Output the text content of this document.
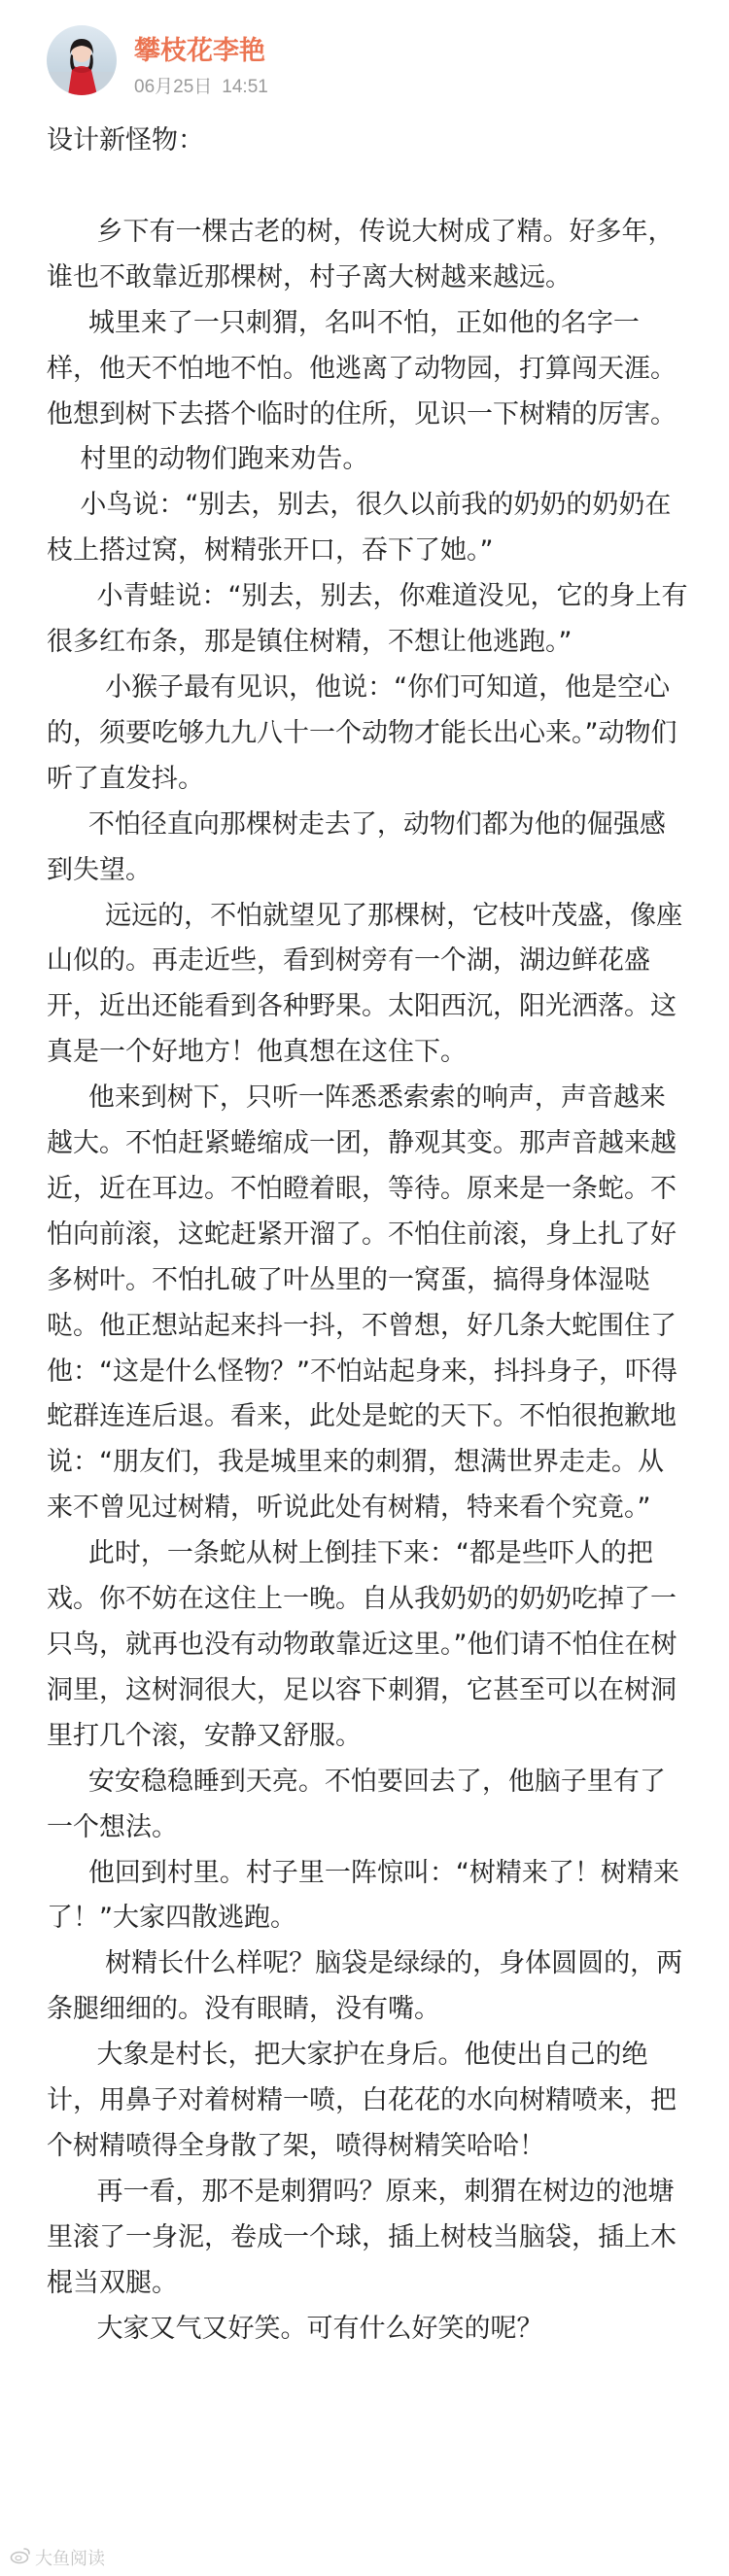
攀枝花李艳
06月25日 14:51

设计新怪物：

乡下有一棵古老的树，传说大树成了精。好多年，谁也不敢靠近那棵树，村子离大树越来越远。

城里来了一只刺猬，名叫不怕，正如他的名字一样，他天不怕地不怕。他逃离了动物园，打算闯天涯。他想到树下去搭个临时的住所，见识一下树精的厉害。

村里的动物们跑来劝告。

小鸟说：“别去，别去，很久以前我的奶奶的奶奶在枝上搭过窝，树精张开口，吞下了她。”

小青蛙说：“别去，别去，你难道没见，它的身上有很多红布条，那是镇住树精，不想让他逃跑。”

小猴子最有见识，他说：“你们可知道，他是空心的，须要吃够九九八十一个动物才能长出心来。”动物们听了直发抖。

不怕径直向那棵树走去了，动物们都为他的倔强感到失望。

远远的，不怕就望见了那棵树，它枝叶茂盛，像座山似的。再走近些，看到树旁有一个湖，湖边鲜花盛开，近出还能看到各种野果。太阳西沉，阳光洒落。这真是一个好地方！他真想在这住下。

他来到树下，只听一阵悉悉索索的响声，声音越来越大。不怕赶紧蜷缩成一团，静观其变。那声音越来越近，近在耳边。不怕瞪着眼，等待。原来是一条蛇。不怕向前滚，这蛇赶紧开溜了。不怕住前滚，身上扎了好多树叶。不怕扎破了叶丛里的一窝蛋，搞得身体湿哒哒。他正想站起来抖一抖，不曾想，好几条大蛇围住了他：“这是什么怪物？”不怕站起身来，抖抖身子，吓得蛇群连连后退。看来，此处是蛇的天下。不怕很抱歉地说：“朋友们，我是城里来的刺猬，想满世界走走。从来不曾见过树精，听说此处有树精，特来看个究竟。”

此时，一条蛇从树上倒挂下来：“都是些吓人的把戏。你不妨在这住上一晚。自从我奶奶的奶奶吃掉了一只鸟，就再也没有动物敢靠近这里。”他们请不怕住在树洞里，这树洞很大，足以容下刺猬，它甚至可以在树洞里打几个滚，安静又舒服。

安安稳稳睡到天亮。不怕要回去了，他脑子里有了一个想法。

他回到村里。村子里一阵惊叫：“树精来了！树精来了！”大家四散逃跑。

树精长什么样呢？脑袋是绿绿的，身体圆圆的，两条腿细细的。没有眼睛，没有嘴。

大象是村长，把大家护在身后。他使出自己的绝计，用鼻子对着树精一喷，白花花的水向树精喷来，把个树精喷得全身散了架，喷得树精笑哈哈！

再一看，那不是刺猬吗？原来，刺猬在树边的池塘里滚了一身泥，卷成一个球，插上树枝当脑袋，插上木棍当双腿。

大家又气又好笑。可有什么好笑的呢？

大鱼阅读
